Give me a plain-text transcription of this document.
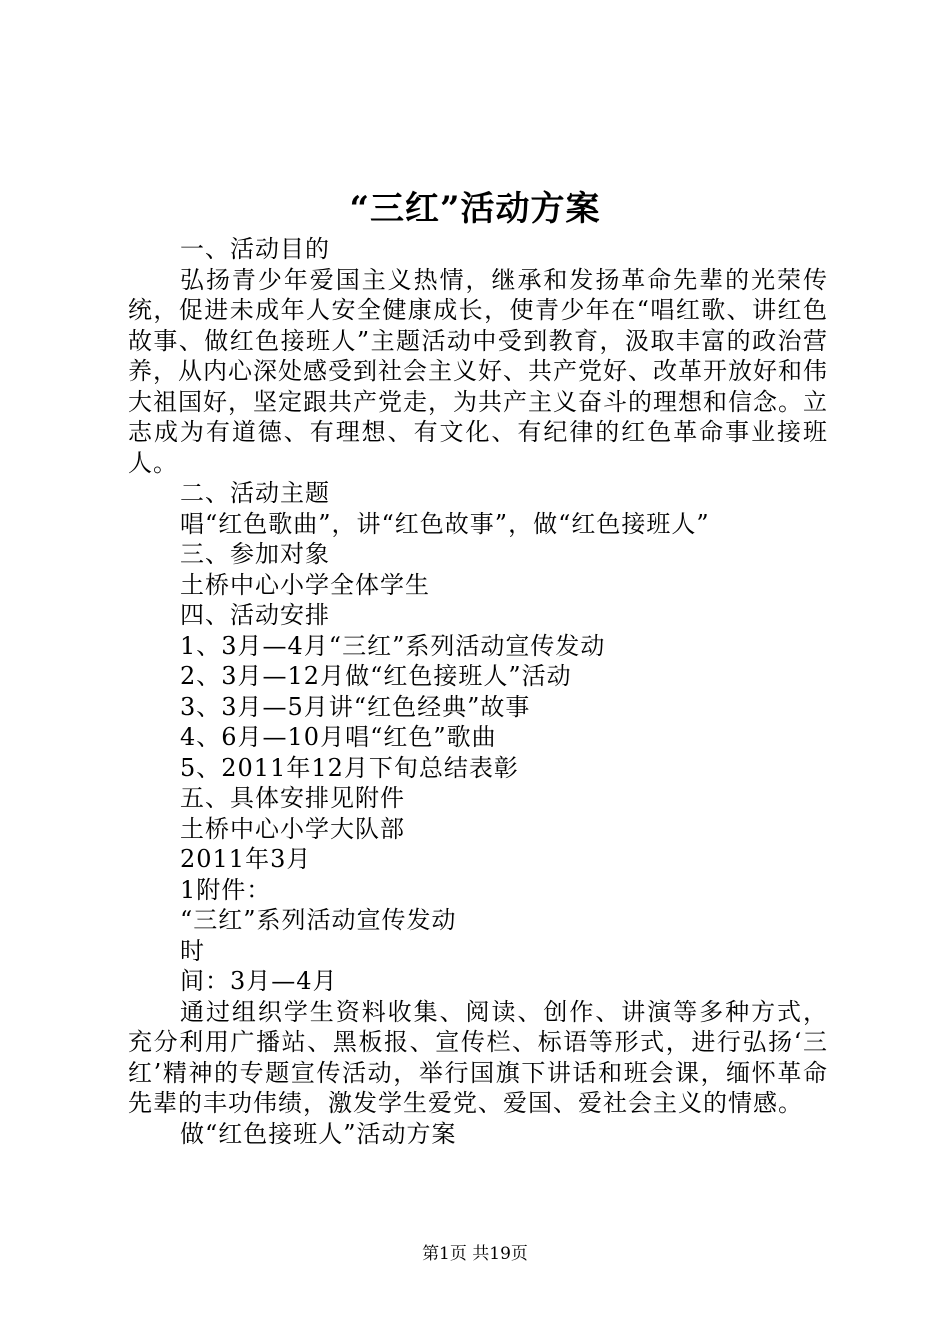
“三红”活动方案

一、活动目的

弘扬青少年爱国主义热情，继承和发扬革命先辈的光荣传统，促进未成年人安全健康成长，使青少年在“唱红歌、讲红色故事、做红色接班人”主题活动中受到教育，汲取丰富的政治营养，从内心深处感受到社会主义好、共产党好、改革开放好和伟大祖国好，坚定跟共产党走，为共产主义奋斗的理想和信念。立志成为有道德、有理想、有文化、有纪律的红色革命事业接班人。

二、活动主题

唱“红色歌曲”，讲“红色故事”，做“红色接班人”

三、参加对象

土桥中心小学全体学生

四、活动安排

1、3月—4月“三红”系列活动宣传发动

2、3月—12月做“红色接班人”活动

3、3月—5月讲“红色经典”故事

4、6月—10月唱“红色”歌曲

5、2011年12月下旬总结表彰

五、具体安排见附件

土桥中心小学大队部

2011年3月

1附件：

“三红”系列活动宣传发动

时

间：3月—4月

通过组织学生资料收集、阅读、创作、讲演等多种方式，充分利用广播站、黑板报、宣传栏、标语等形式，进行弘扬‘三红’精神的专题宣传活动，举行国旗下讲话和班会课，缅怀革命先辈的丰功伟绩，激发学生爱党、爱国、爱社会主义的情感。

做“红色接班人”活动方案

第1页 共19页
